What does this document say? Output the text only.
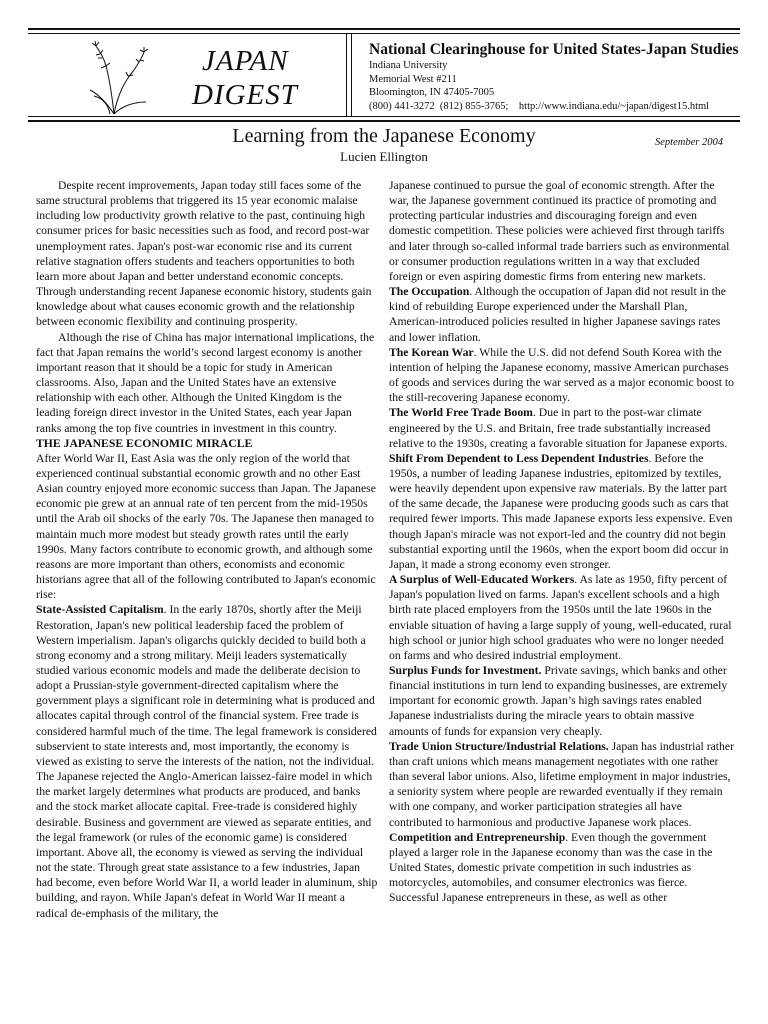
JAPAN
DIGEST
National Clearinghouse for United States-Japan Studies
Indiana University
Memorial West #211
Bloomington, IN 47405-7005
(800) 441-3272  (812) 855-3765;    http://www.indiana.edu/~japan/digest15.html
Learning from the Japanese Economy
Lucien Ellington
September 2004

Despite recent improvements, Japan today still faces some of the same structural problems that triggered its 15 year economic malaise including low productivity growth relative to the past, continuing high consumer prices for basic necessities such as food, and record post-war unemployment rates. Japan's post-war economic rise and its current relative stagnation offers students and teachers opportunities to both learn more about Japan and better understand economic concepts. Through understanding recent Japanese economic history, students gain knowledge about what causes economic growth and the relationship between economic flexibility and continuing prosperity.

Although the rise of China has major international implications, the fact that Japan remains the world’s second largest economy is another important reason that it should be a topic for study in American classrooms. Also, Japan and the United States have an extensive relationship with each other. Although the United Kingdom is the leading foreign direct investor in the United States, each year Japan ranks among the top five countries in investment in this country.

THE JAPANESE ECONOMIC MIRACLE

After World War II, East Asia was the only region of the world that experienced continual substantial economic growth and no other East Asian country enjoyed more economic success than Japan. The Japanese economic pie grew at an annual rate of ten percent from the mid-1950s until the Arab oil shocks of the early 70s. The Japanese then managed to maintain much more modest but steady growth rates until the early 1990s. Many factors contribute to economic growth, and although some reasons are more important than others, economists and economic historians agree that all of the following contributed to Japan's economic rise:

State-Assisted Capitalism. In the early 1870s, shortly after the Meiji Restoration, Japan's new political leadership faced the problem of Western imperialism. Japan's oligarchs quickly decided to build both a strong economy and a strong military. Meiji leaders systematically studied various economic models and made the deliberate decision to adopt a Prussian-style government-directed capitalism where the government plays a significant role in determining what is produced and allocates capital through control of the financial system. Free trade is considered harmful much of the time. The legal framework is considered subservient to state interests and, most importantly, the economy is viewed as existing to serve the interests of the nation, not the individual. The Japanese rejected the Anglo-American laissez-faire model in which the market largely determines what products are produced, and banks and the stock market allocate capital. Free-trade is considered highly desirable. Business and government are viewed as separate entities, and the legal framework (or rules of the economic game) is considered important. Above all, the economy is viewed as serving the individual not the state. Through great state assistance to a few industries, Japan had become, even before World War II, a world leader in aluminum, ship building, and rayon. While Japan's defeat in World War II meant a radical de-emphasis of the military, the

Japanese continued to pursue the goal of economic strength. After the war, the Japanese government continued its practice of promoting and protecting particular industries and discouraging foreign and even domestic competition. These policies were achieved first through tariffs and later through so-called informal trade barriers such as environmental or consumer production regulations written in a way that excluded foreign or even aspiring domestic firms from entering new markets.

The Occupation. Although the occupation of Japan did not result in the kind of rebuilding Europe experienced under the Marshall Plan, American-introduced policies resulted in higher Japanese savings rates and lower inflation.

The Korean War. While the U.S. did not defend South Korea with the intention of helping the Japanese economy, massive American purchases of goods and services during the war served as a major economic boost to the still-recovering Japanese economy.

The World Free Trade Boom. Due in part to the post-war climate engineered by the U.S. and Britain, free trade substantially increased relative to the 1930s, creating a favorable situation for Japanese exports.

Shift From Dependent to Less Dependent Industries. Before the 1950s, a number of leading Japanese industries, epitomized by textiles, were heavily dependent upon expensive raw materials. By the latter part of the same decade, the Japanese were producing goods such as cars that required fewer imports. This made Japanese exports less expensive. Even though Japan's miracle was not export-led and the country did not begin substantial exporting until the 1960s, when the export boom did occur in Japan, it made a strong economy even stronger.

A Surplus of Well-Educated Workers. As late as 1950, fifty percent of Japan's population lived on farms. Japan's excellent schools and a high birth rate placed employers from the 1950s until the late 1960s in the enviable situation of having a large supply of young, well-educated, rural high school or junior high school graduates who were no longer needed on farms and who desired industrial employment.

Surplus Funds for Investment. Private savings, which banks and other financial institutions in turn lend to expanding businesses, are extremely important for economic growth. Japan’s high savings rates enabled Japanese industrialists during the miracle years to obtain massive amounts of funds for expansion very cheaply.

Trade Union Structure/Industrial Relations. Japan has industrial rather than craft unions which means management negotiates with one rather than several labor unions. Also, lifetime employment in major industries, a seniority system where people are rewarded eventually if they remain with one company, and worker participation strategies all have contributed to harmonious and productive Japanese work places.

Competition and Entrepreneurship. Even though the government played a larger role in the Japanese economy than was the case in the United States, domestic private competition in such industries as motorcycles, automobiles, and consumer electronics was fierce. Successful Japanese entrepreneurs in these, as well as other
